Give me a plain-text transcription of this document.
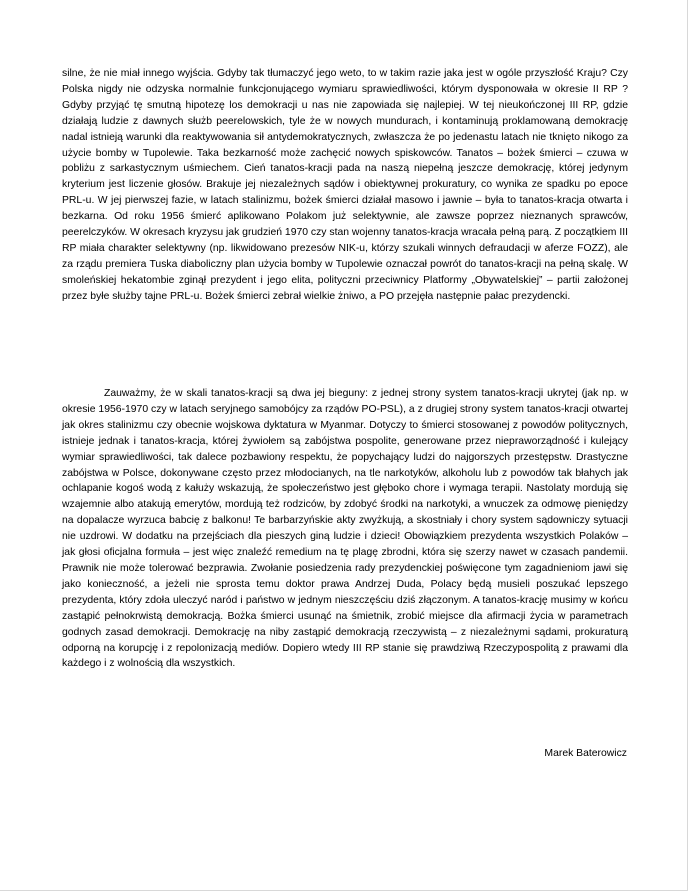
silne, że nie miał innego wyjścia. Gdyby tak tłumaczyć jego weto, to w takim razie jaka jest w ogóle przyszłość Kraju? Czy Polska nigdy nie odzyska normalnie funkcjonującego wymiaru sprawiedliwości, którym dysponowała w okresie II RP ? Gdyby przyjąć tę smutną hipotezę los demokracji u nas nie zapowiada się najlepiej. W tej nieukończonej III RP, gdzie działają ludzie z dawnych służb peerelowskich, tyle że w nowych mundurach, i kontaminują proklamowaną demokrację nadal istnieją warunki dla reaktywowania sił antydemokratycznych, zwłaszcza że po jedenastu latach nie tknięto nikogo za użycie bomby w Tupolewie. Taka bezkarność może zachęcić nowych spiskowców. Tanatos – bożek śmierci – czuwa w pobliżu z sarkastycznym uśmiechem. Cień tanatos-kracji pada na naszą niepełną jeszcze demokrację, której jedynym kryterium jest liczenie głosów. Brakuje jej niezależnych sądów i obiektywnej prokuratury, co wynika ze spadku po epoce PRL-u. W jej pierwszej fazie, w latach stalinizmu, bożek śmierci działał masowo i jawnie – była to tanatos-kracja otwarta i bezkarna. Od roku 1956 śmierć aplikowano Polakom już selektywnie, ale zawsze poprzez nieznanych sprawców, peerelczyków. W okresach kryzysu jak grudzień 1970 czy stan wojenny tanatos-kracja wracała pełną parą. Z początkiem III RP miała charakter selektywny (np. likwidowano prezesów NIK-u, którzy szukali winnych defraudacji w aferze FOZZ), ale za rządu premiera Tuska diaboliczny plan użycia bomby w Tupolewie oznaczał powrót do tanatos-kracji na pełną skalę. W smoleńskiej hekatombie zginął prezydent i jego elita, polityczni przeciwnicy Platformy „Obywatelskiej” – partii założonej przez byłe służby tajne PRL-u. Bożek śmierci zebrał wielkie żniwo, a PO przejęła następnie pałac prezydencki.

Zauważmy, że w skali tanatos-kracji są dwa jej bieguny: z jednej strony system tanatos-kracji ukrytej (jak np. w okresie 1956-1970 czy w latach seryjnego samobójcy za rządów PO-PSL), a z drugiej strony system tanatos-kracji otwartej jak okres stalinizmu czy obecnie wojskowa dyktatura w Myanmar. Dotyczy to śmierci stosowanej z powodów politycznych, istnieje jednak i tanatos-kracja, której żywiołem są zabójstwa pospolite, generowane przez niepraworządność i kulejący wymiar sprawiedliwości, tak dalece pozbawiony respektu, że popychający ludzi do najgorszych przestępstw. Drastyczne zabójstwa w Polsce, dokonywane często przez młodocianych, na tle narkotyków, alkoholu lub z powodów tak błahych jak ochlapanie kogoś wodą z kałuży wskazują, że społeczeństwo jest głęboko chore i wymaga terapii. Nastolaty mordują się wzajemnie albo atakują emerytów, mordują też rodziców, by zdobyć środki na narkotyki, a wnuczek za odmowę pieniędzy na dopalacze wyrzuca babcię z balkonu! Te barbarzyńskie akty zwyżkują, a skostniały i chory system sądowniczy sytuacji nie uzdrowi. W dodatku na przejściach dla pieszych giną ludzie i dzieci! Obowiązkiem prezydenta wszystkich Polaków – jak głosi oficjalna formuła – jest więc znaleźć remedium na tę plagę zbrodni, która się szerzy nawet w czasach pandemii. Prawnik nie może tolerować bezprawia. Zwołanie posiedzenia rady prezydenckiej poświęcone tym zagadnieniom jawi się jako konieczność, a jeżeli nie sprosta temu doktor prawa Andrzej Duda, Polacy będą musieli poszukać lepszego prezydenta, który zdoła uleczyć naród i państwo w jednym nieszczęściu dziś złączonym. A tanatos-krację musimy w końcu zastąpić pełnokrwistą demokracją. Bożka śmierci usunąć na śmietnik, zrobić miejsce dla afirmacji życia w parametrach godnych zasad demokracji. Demokrację na niby zastąpić demokracją rzeczywistą – z niezależnymi sądami, prokuraturą odporną na korupcję i z repolonizacją mediów. Dopiero wtedy III RP stanie się prawdziwą Rzeczypospolitą z prawami dla każdego i z wolnością dla wszystkich.

Marek Baterowicz
